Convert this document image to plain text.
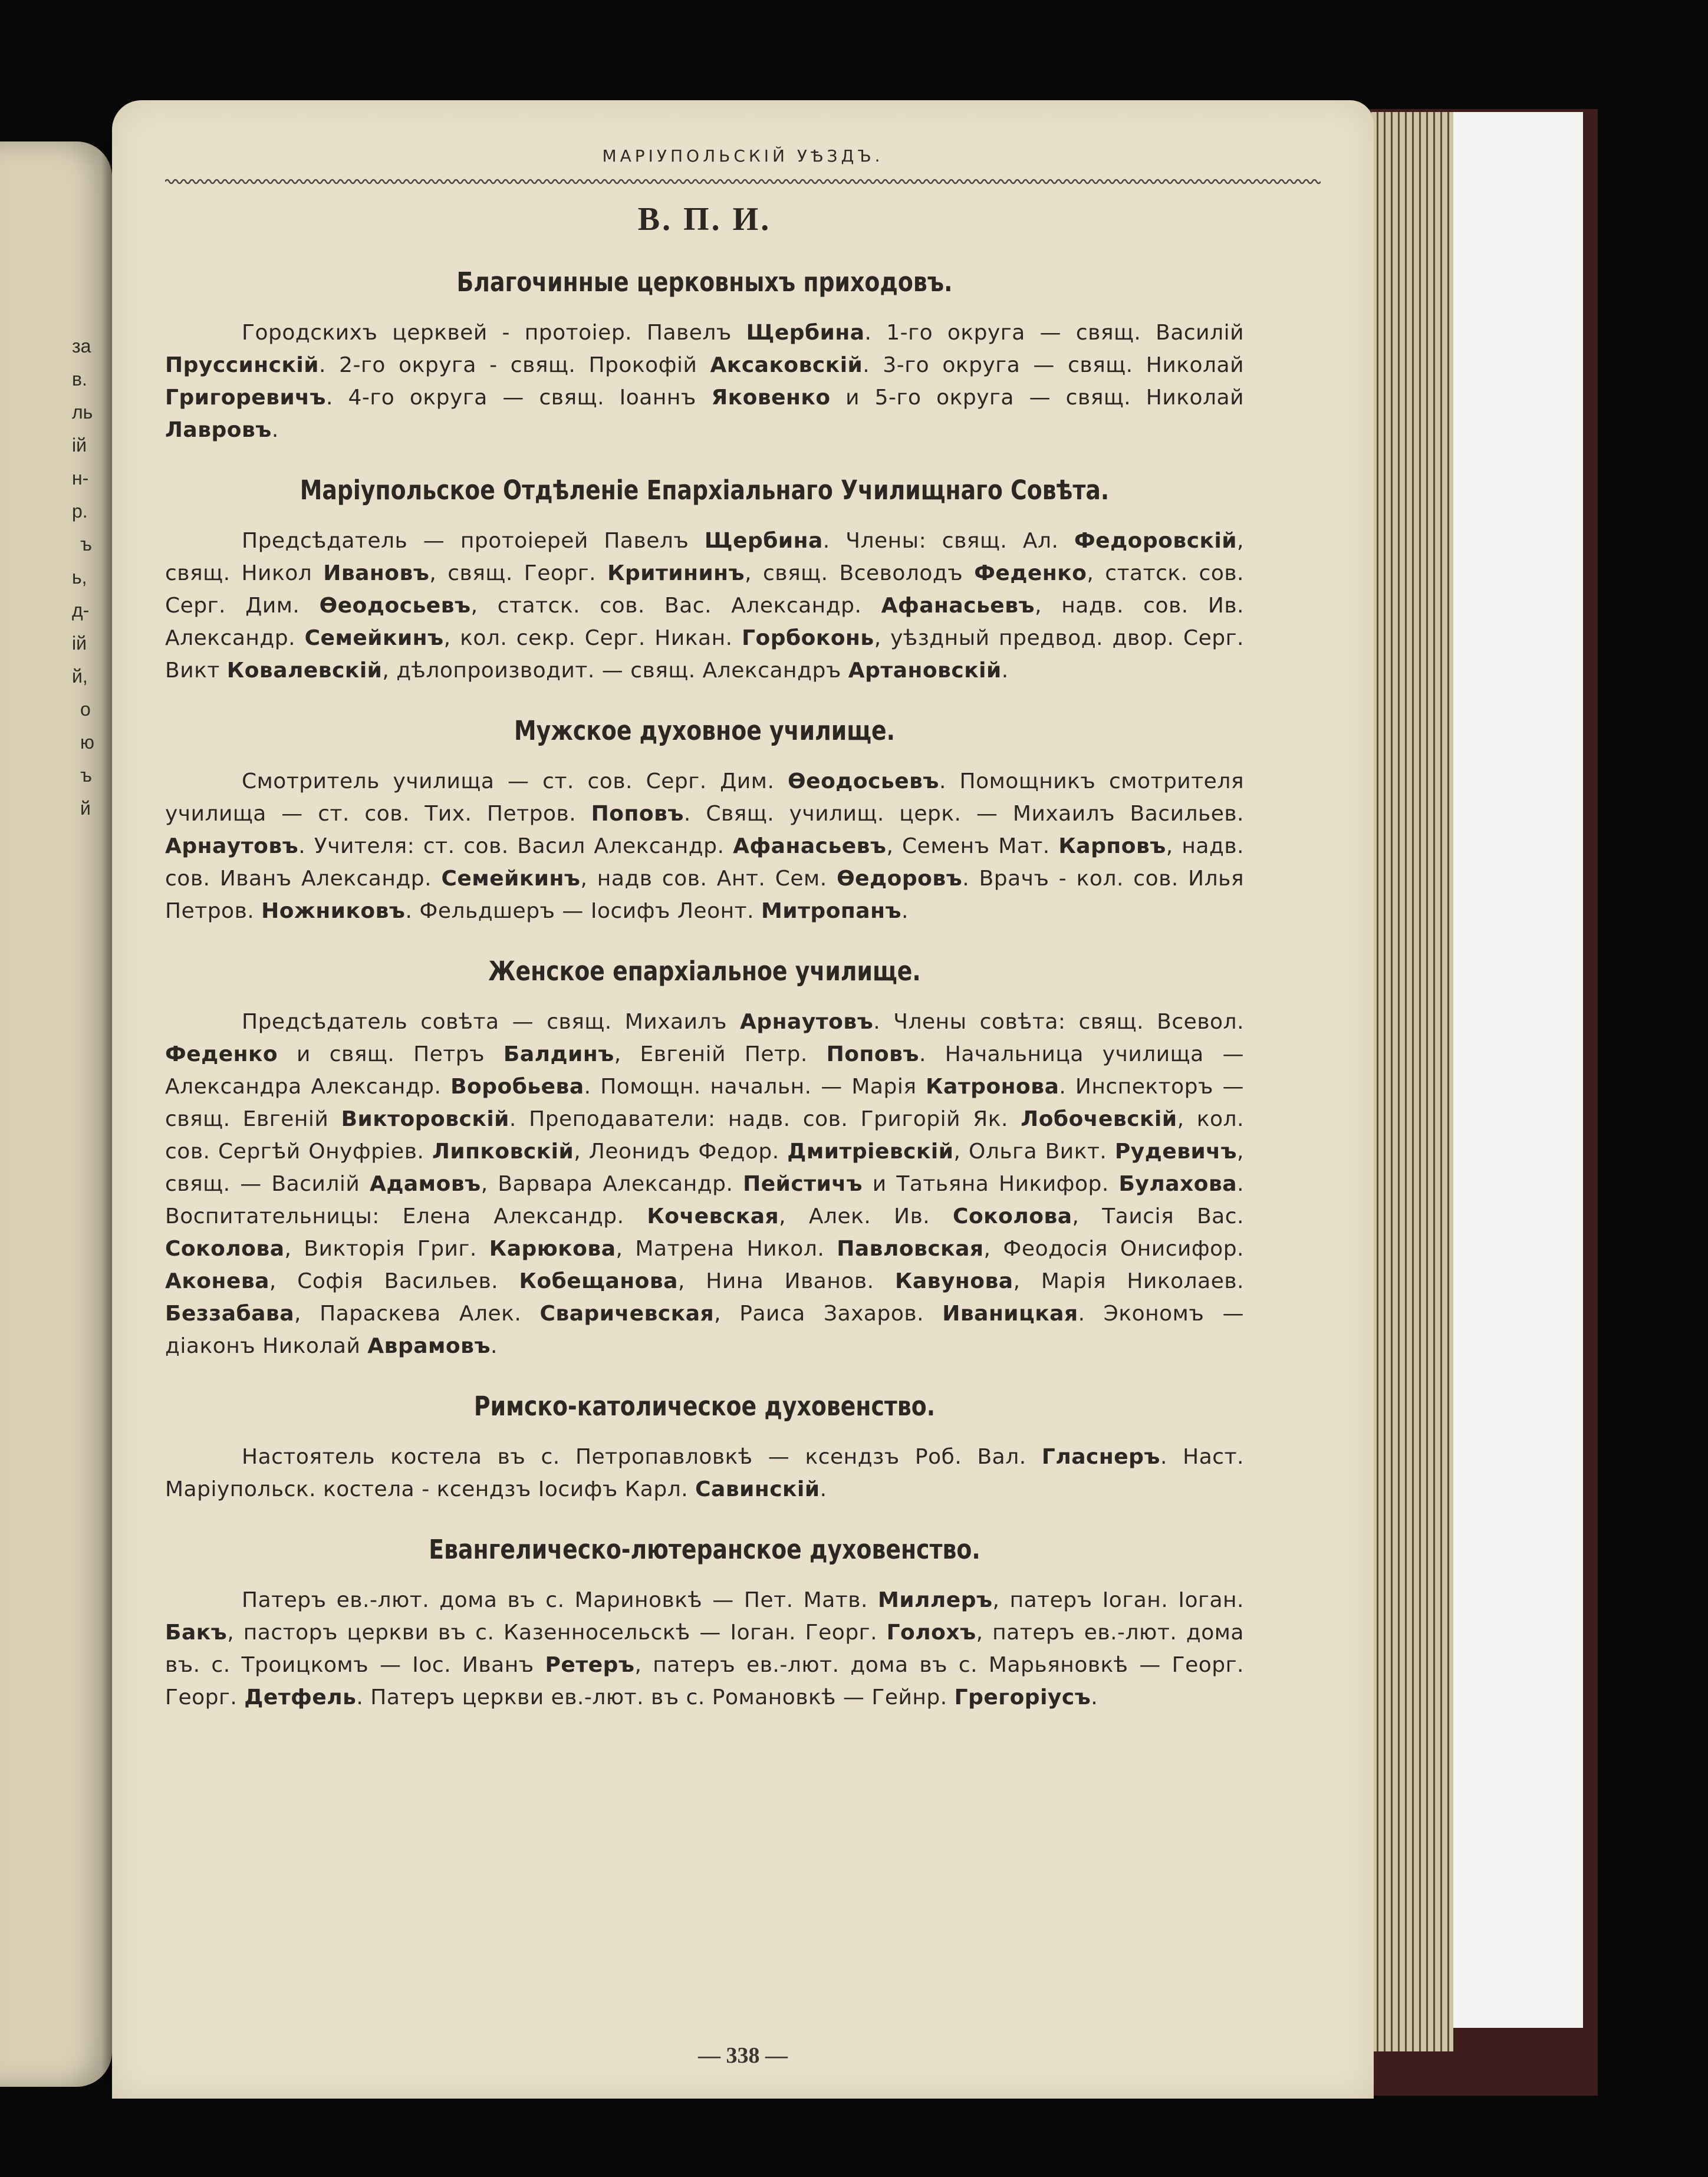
за
в.
ль
ій
н-
р.
ъ
ь,
д-
ій
й,
о
ю
ъ
й
МАРІУПОЛЬСКІЙ УѢЗДЪ.
В. П. И.
Благочинные церковныхъ приходовъ.

Городскихъ церквей - протоіер. Павелъ Щербина. 1-го округа — свящ. Василій Пруссинскій. 2-го округа - свящ. Прокофій Аксаковскій. 3-го округа — свящ. Николай Григоревичъ. 4-го округа — свящ. Іоаннъ Яковенко и 5-го округа — свящ. Николай Лавровъ.

Маріупольское Отдѣленіе Епархіальнаго Училищнаго Совѣта.

Предсѣдатель — протоіерей Павелъ Щербина. Члены: свящ. Ал. Федоровскій, свящ. Никол Ивановъ, свящ. Георг. Критининъ, свящ. Всеволодъ Феденко, статск. сов. Серг. Дим. Ѳеодосьевъ, статск. сов. Вас. Александр. Афанасьевъ, надв. сов. Ив. Александр. Семейкинъ, кол. секр. Серг. Никан. Горбоконь, уѣздный предвод. двор. Серг. Викт Ковалевскій, дѣлопроизводит. — свящ. Александръ Артановскій.

Мужское духовное училище.

Смотритель училища — ст. сов. Серг. Дим. Ѳеодосьевъ. Помощникъ смотрителя училища — ст. сов. Тих. Петров. Поповъ. Свящ. училищ. церк. — Михаилъ Васильев. Арнаутовъ. Учителя: ст. сов. Васил Александр. Афанасьевъ, Семенъ Мат. Карповъ, надв. сов. Иванъ Александр. Семейкинъ, надв сов. Ант. Сем. Ѳедоровъ. Врачъ - кол. сов. Илья Петров. Ножниковъ. Фельдшеръ — Іосифъ Леонт. Митропанъ.

Женское епархіальное училище.

Предсѣдатель совѣта — свящ. Михаилъ Арнаутовъ. Члены совѣта: свящ. Всевол. Феденко и свящ. Петръ Балдинъ, Евгеній Петр. Поповъ. Начальница училища — Александра Александр. Воробьева. Помощн. начальн. — Марія Катронова. Инспекторъ — свящ. Евгеній Викторовскій. Преподаватели: надв. сов. Григорій Як. Лобочевскій, кол. сов. Сергѣй Онуфріев. Липковскій, Леонидъ Федор. Дмитріевскій, Ольга Викт. Рудевичъ, свящ. — Василій Адамовъ, Варвара Александр. Пейстичъ и Татьяна Никифор. Булахова. Воспитательницы: Елена Александр. Кочевская, Алек. Ив. Соколова, Таисія Вас. Соколова, Викторія Григ. Карюкова, Матрена Никол. Павловская, Феодосія Онисифор. Аконева, Софія Васильев. Кобещанова, Нина Иванов. Кавунова, Марія Николаев. Беззабава, Параскева Алек. Сваричевская, Раиса Захаров. Иваницкая. Экономъ — діаконъ Николай Аврамовъ.

Римско-католическое духовенство.

Настоятель костела въ с. Петропавловкѣ — ксендзъ Роб. Вал. Гласнеръ. Наст. Маріупольск. костела - ксендзъ Іосифъ Карл. Савинскій.

Евангелическо-лютеранское духовенство.

Патеръ ев.-лют. дома въ с. Мариновкѣ — Пет. Матв. Миллеръ, патеръ Іоган. Іоган. Бакъ, пасторъ церкви въ с. Казенносельскѣ — Іоган. Георг. Голохъ, патеръ ев.-лют. дома въ. с. Троицкомъ — Іос. Иванъ Ретеръ, патеръ ев.-лют. дома въ с. Марьяновкѣ — Георг. Георг. Детфель. Патеръ церкви ев.-лют. въ с. Романовкѣ — Гейнр. Грегоріусъ.

— 338 —
